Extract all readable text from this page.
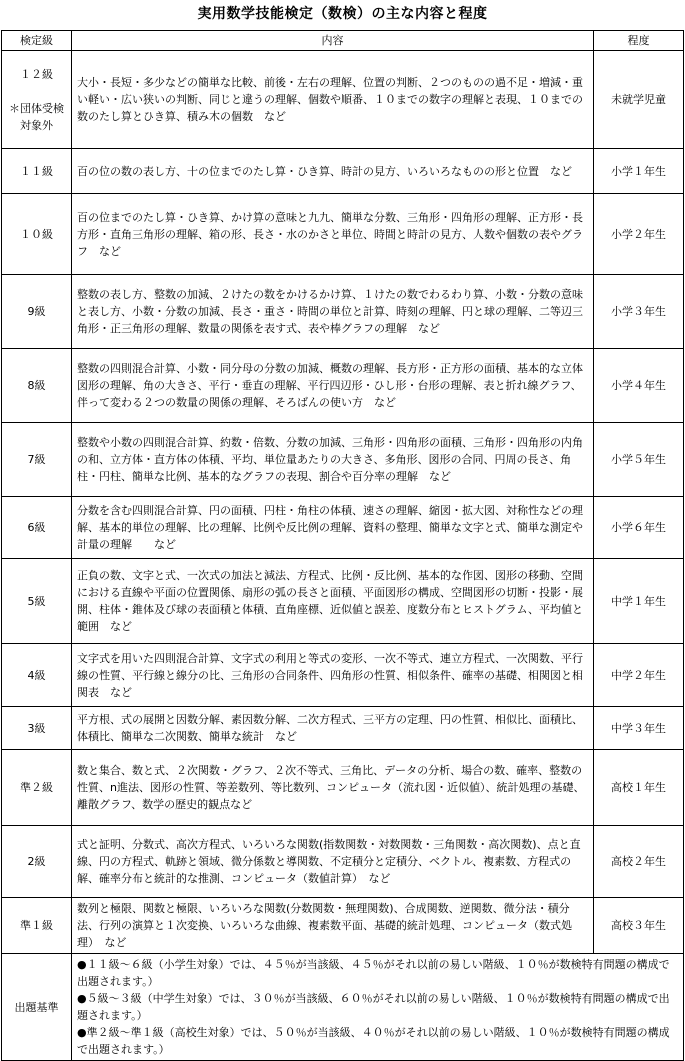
実用数学技能検定（数検）の主な内容と程度
検定級	内容	程度
１２級

＊団体受検対象外	大小・長短・多少などの簡単な比較、前後・左右の理解、位置の判断、２つのものの過不足・増減・重い軽い・広い狭いの判断、同じと違うの理解、個数や順番、１０までの数字の理解と表現、１０までの数のたし算とひき算、積み木の個数　など	未就学児童
１１級	百の位の数の表し方、十の位までのたし算・ひき算、時計の見方、いろいろなものの形と位置　など	小学１年生
１０級	百の位までのたし算・ひき算、かけ算の意味と九九、簡単な分数、三角形・四角形の理解、正方形・長方形・直角三角形の理解、箱の形、長さ・水のかさと単位、時間と時計の見方、人数や個数の表やグラフ　など	小学２年生
9級	整数の表し方、整数の加減、２けたの数をかけるかけ算、１けたの数でわるわり算、小数・分数の意味と表し方、小数・分数の加減、長さ・重さ・時間の単位と計算、時刻の理解、円と球の理解、二等辺三角形・正三角形の理解、数量の関係を表す式、表や棒グラフの理解　など	小学３年生
8級	整数の四則混合計算、小数・同分母の分数の加減、概数の理解、長方形・正方形の面積、基本的な立体図形の理解、角の大きさ、平行・垂直の理解、平行四辺形・ひし形・台形の理解、表と折れ線グラフ、伴って変わる２つの数量の関係の理解、そろばんの使い方　など	小学４年生
7級	整数や小数の四則混合計算、約数・倍数、分数の加減、三角形・四角形の面積、三角形・四角形の内角の和、立方体・直方体の体積、平均、単位量あたりの大きさ、多角形、図形の合同、円周の長さ、角柱・円柱、簡単な比例、基本的なグラフの表現、割合や百分率の理解　など	小学５年生
6級	分数を含む四則混合計算、円の面積、円柱・角柱の体積、速さの理解、縮図・拡大図、対称性などの理解、基本的単位の理解、比の理解、比例や反比例の理解、資料の整理、簡単な文字と式、簡単な測定や計量の理解　　など	小学６年生
5級	正負の数、文字と式、一次式の加法と減法、方程式、比例・反比例、基本的な作図、図形の移動、空間における直線や平面の位置関係、扇形の弧の長さと面積、平面図形の構成、空間図形の切断・投影・展開、柱体・錐体及び球の表面積と体積、直角座標、近似値と誤差、度数分布とヒストグラム、平均値と範囲　など	中学１年生
4級	文字式を用いた四則混合計算、文字式の利用と等式の変形、一次不等式、連立方程式、一次関数、平行線の性質、平行線と線分の比、三角形の合同条件、四角形の性質、相似条件、確率の基礎、相関図と相関表　など	中学２年生
3級	平方根、式の展開と因数分解、素因数分解、二次方程式、三平方の定理、円の性質、相似比、面積比、体積比、簡単な二次関数、簡単な統計　など	中学３年生
準２級	数と集合、数と式、２次関数・グラフ、２次不等式、三角比、データの分析、場合の数、確率、整数の性質、n進法、図形の性質、等差数列、等比数列、コンピュータ（流れ図・近似値）、統計処理の基礎、離散グラフ、数学の歴史的観点など	高校１年生
2級	式と証明、分数式、高次方程式、いろいろな関数(指数関数・対数関数・三角関数・高次関数)、点と直線、円の方程式、軌跡と領域、微分係数と導関数、不定積分と定積分、ベクトル、複素数、方程式の解、確率分布と統計的な推測、コンピュータ（数値計算）　など	高校２年生
準１級	数列と極限、関数と極限、いろいろな関数(分数関数・無理関数)、合成関数、逆関数、微分法・積分法、行列の演算と１次変換、いろいろな曲線、複素数平面、基礎的統計処理、コンピュータ（数式処理）　など	高校３年生
出題基準	●１１級～６級（小学生対象）では、４５％が当該級、４５％がそれ以前の易しい階級、１０％が数検特有問題の構成で出題されます。）

●５級～３級（中学生対象）では、３０％が当該級、６０％がそれ以前の易しい階級、１０％が数検特有問題の構成で出題されます。）

●準２級～準１級（高校生対象）では、５０％が当該級、４０％がそれ以前の易しい階級、１０％が数検特有問題の構成で出題されます。）	
